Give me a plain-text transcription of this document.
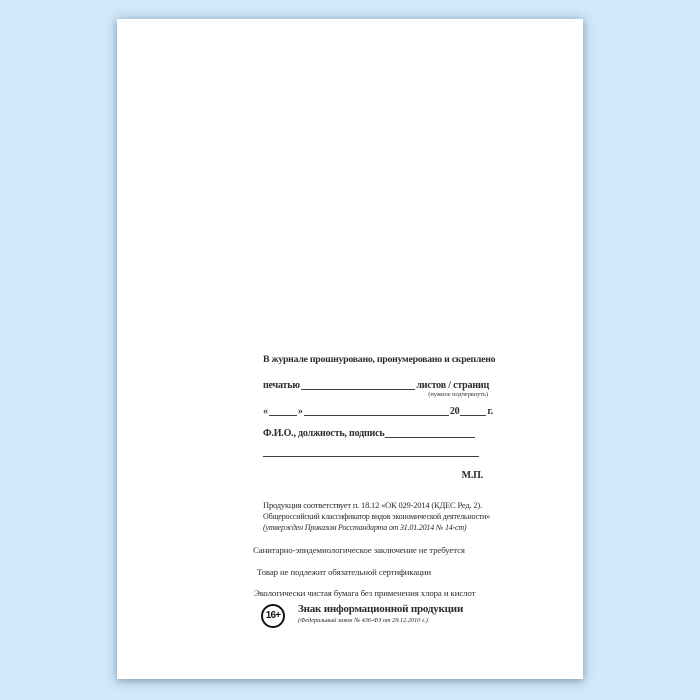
В журнале прошнуровано, пронумеровано и скреплено
печатью	листов / страниц
(нужное подчеркнуть)
«	»	20	г.
Ф.И.О., должность, подпись
М.П.
Продукция соответствует п. 18.12 «ОК 029-2014 (КДЕС Ред. 2).
Общероссийский классификатор видов экономической деятельности»
(утвержден Приказом Росстандарта от 31.01.2014 № 14-ст)
Санитарно-эпидемиологическое заключение не требуется
Товар не подлежит обязательной сертификации
Экологически чистая бумага без применения хлора и кислот
16+
Знак информационной продукции
(Федеральный закон № 436-ФЗ от 29.12.2010 г.)
